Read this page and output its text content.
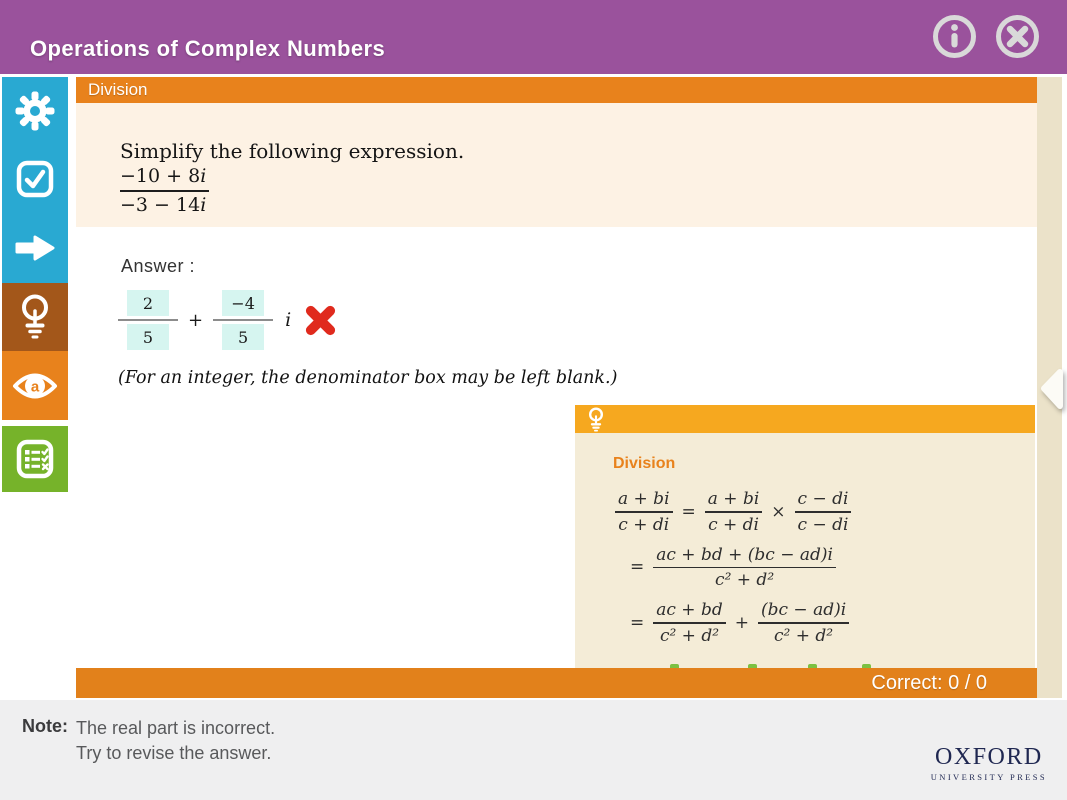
Operations of Complex Numbers
a
Division
Simplify the following expression.
$\frac{-10 + 8i}{-3 - 14i}$
Answer :
$\frac{2}{5} + \frac{-4}{5}$ i
(For an integer, the denominator box may be left blank.)
Division
a + bi
c + di
=
a + bi
c + di
×
c − di
c − di
=
ac + bd + (bc − ad)i
c² + d²
=
ac + bd
c² + d²
+
(bc − ad)i
c² + d²
Correct: 0 / 0
Note: The real part is incorrect.
Try to revise the answer.	OXFORD
UNIVERSITY PRESS
